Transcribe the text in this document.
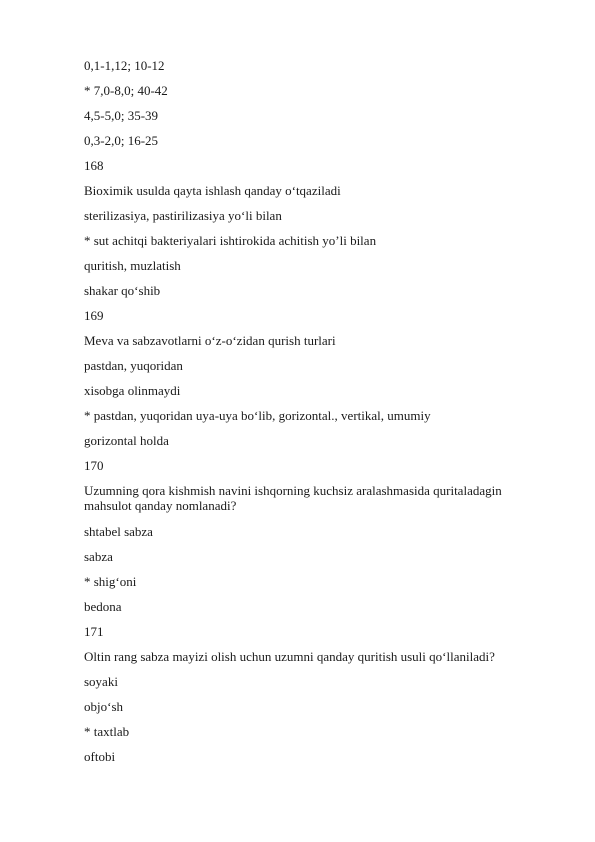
0,1-1,12; 10-12
* 7,0-8,0; 40-42
4,5-5,0; 35-39
0,3-2,0; 16-25
168
Bioximik usulda qayta ishlash qanday o‘tqaziladi
sterilizasiya, pastirilizasiya yo‘li bilan
* sut achitqi bakteriyalari ishtirokida achitish yo’li bilan
quritish, muzlatish
shakar qo‘shib
169
Meva va sabzavotlarni o‘z-o‘zidan qurish turlari
pastdan, yuqoridan
xisobga olinmaydi
* pastdan, yuqoridan uya-uya bo‘lib, gorizontal., vertikal, umumiy
gorizontal holda
170
Uzumning qora kishmish navini ishqorning kuchsiz aralashmasida quritaladagin mahsulot qanday nomlanadi?
shtabel sabza
sabza
* shig‘oni
bedona
171
Oltin rang sabza mayizi olish uchun uzumni qanday quritish usuli qo‘llaniladi?
soyaki
objo‘sh
* taxtlab
oftobi
